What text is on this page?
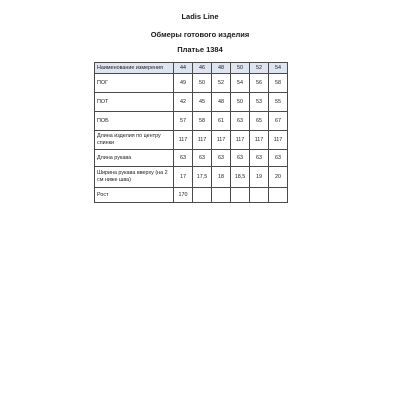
Ladis Line
Обмеры готового изделия
Платье 1384
Наименование измерения	44	46	48	50	52	54
ПОГ	49	50	52	54	56	58
ПОТ	42	45	48	50	53	55
ПОБ	57	58	61	63	65	67
Длина изделия по центру спинки	117	117	117	117	117	117
Длина рукава	63	63	63	63	63	63
Ширина рукава вверху (на 2 см ниже шва)	17	17,5	18	18,5	19	20
Рост	170					
